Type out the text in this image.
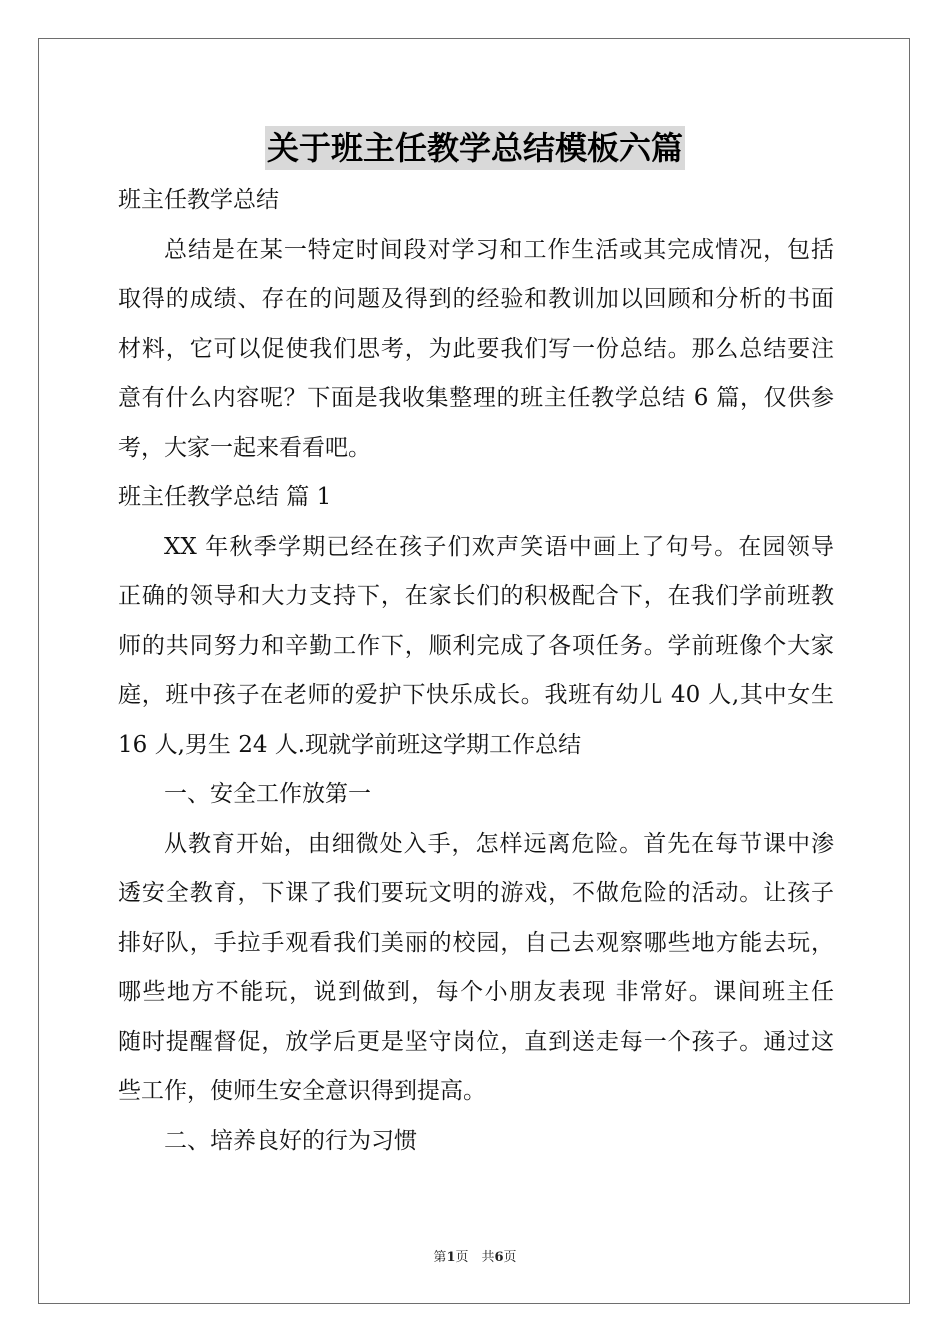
关于班主任教学总结模板六篇

班主任教学总结

总结是在某一特定时间段对学习和工作生活或其完成情况，包括

取得的成绩、存在的问题及得到的经验和教训加以回顾和分析的书面

材料，它可以促使我们思考，为此要我们写一份总结。那么总结要注

意有什么内容呢？下面是我收集整理的班主任教学总结 6 篇，仅供参

考，大家一起来看看吧。

班主任教学总结 篇 1

XX 年秋季学期已经在孩子们欢声笑语中画上了句号。在园领导

正确的领导和大力支持下，在家长们的积极配合下，在我们学前班教

师的共同努力和辛勤工作下，顺利完成了各项任务。学前班像个大家

庭，班中孩子在老师的爱护下快乐成长。我班有幼儿 40 人,其中女生

16 人,男生 24 人.现就学前班这学期工作总结

一、安全工作放第一

从教育开始，由细微处入手，怎样远离危险。首先在每节课中渗

透安全教育，下课了我们要玩文明的游戏，不做危险的活动。让孩子

排好队，手拉手观看我们美丽的校园，自己去观察哪些地方能去玩，

哪些地方不能玩，说到做到，每个小朋友表现 非常好。课间班主任

随时提醒督促，放学后更是坚守岗位，直到送走每一个孩子。通过这

些工作，使师生安全意识得到提高。

二、培养良好的行为习惯

第1页　共6页
